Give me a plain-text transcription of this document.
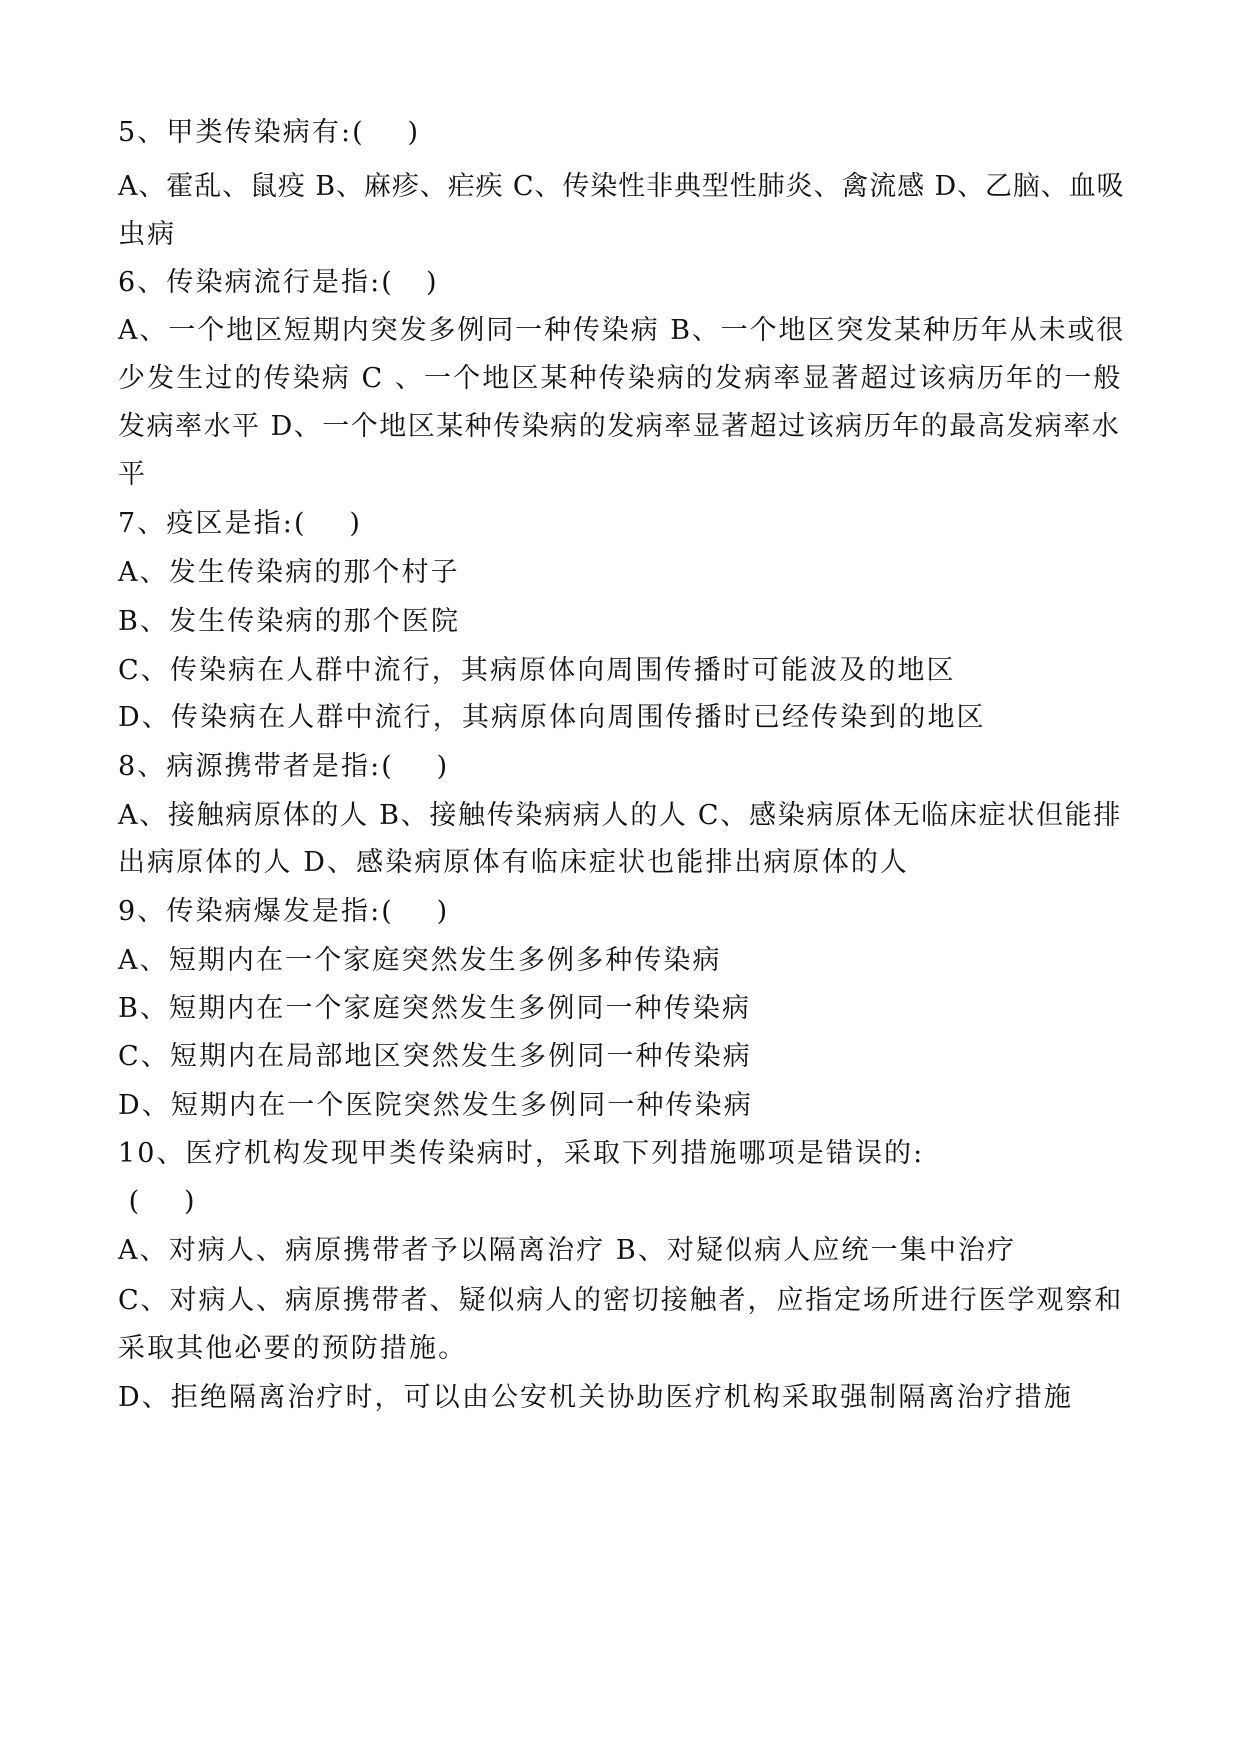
5、甲类传染病有:(    )
A、霍乱、鼠疫 B、麻疹、疟疾 C、传染性非典型性肺炎、禽流感 D、乙脑、血吸
虫病
6、传染病流行是指:(   )
A、一个地区短期内突发多例同一种传染病 B、一个地区突发某种历年从未或很
少发生过的传染病 C 、一个地区某种传染病的发病率显著超过该病历年的一般
发病率水平 D、一个地区某种传染病的发病率显著超过该病历年的最高发病率水
平
7、疫区是指:(    )
A、发生传染病的那个村子
B、发生传染病的那个医院
C、传染病在人群中流行，其病原体向周围传播时可能波及的地区
D、传染病在人群中流行，其病原体向周围传播时已经传染到的地区
8、病源携带者是指:(    )
A、接触病原体的人 B、接触传染病病人的人 C、感染病原体无临床症状但能排
出病原体的人 D、感染病原体有临床症状也能排出病原体的人
9、传染病爆发是指:(    )
A、短期内在一个家庭突然发生多例多种传染病
B、短期内在一个家庭突然发生多例同一种传染病
C、短期内在局部地区突然发生多例同一种传染病
D、短期内在一个医院突然发生多例同一种传染病
10、医疗机构发现甲类传染病时，采取下列措施哪项是错误的:
(    )
A、对病人、病原携带者予以隔离治疗 B、对疑似病人应统一集中治疗
C、对病人、病原携带者、疑似病人的密切接触者，应指定场所进行医学观察和
采取其他必要的预防措施。
D、拒绝隔离治疗时，可以由公安机关协助医疗机构采取强制隔离治疗措施
